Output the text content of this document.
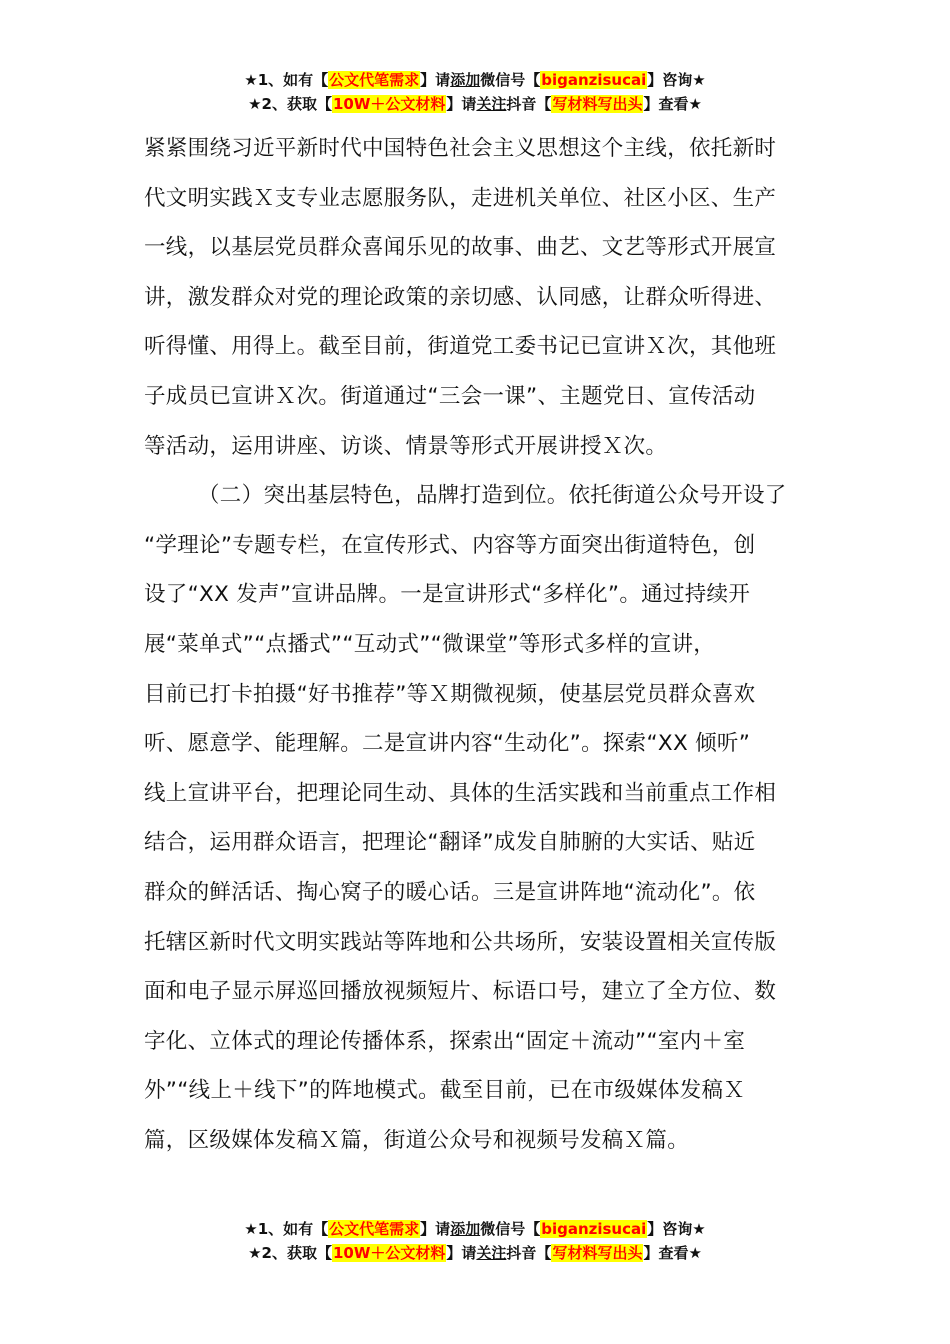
★1、如有【公文代笔需求】请添加微信号【biganzisucai】咨询★
★2、获取【10W＋公文材料】请关注抖音【写材料写出头】查看★

紧紧围绕习近平新时代中国特色社会主义思想这个主线，依托新时
代文明实践Ｘ支专业志愿服务队，走进机关单位、社区小区、生产
一线，以基层党员群众喜闻乐见的故事、曲艺、文艺等形式开展宣
讲，激发群众对党的理论政策的亲切感、认同感，让群众听得进、
听得懂、用得上。截至目前，街道党工委书记已宣讲Ｘ次，其他班
子成员已宣讲Ｘ次。街道通过“三会一课”、主题党日、宣传活动
等活动，运用讲座、访谈、情景等形式开展讲授Ｘ次。

（二）突出基层特色，品牌打造到位。依托街道公众号开设了
“学理论”专题专栏，在宣传形式、内容等方面突出街道特色，创
设了“XX 发声”宣讲品牌。一是宣讲形式“多样化”。通过持续开
展“菜单式”“点播式”“互动式”“微课堂”等形式多样的宣讲，
目前已打卡拍摄“好书推荐”等Ｘ期微视频，使基层党员群众喜欢
听、愿意学、能理解。二是宣讲内容“生动化”。探索“XX 倾听”
线上宣讲平台，把理论同生动、具体的生活实践和当前重点工作相
结合，运用群众语言，把理论“翻译”成发自肺腑的大实话、贴近
群众的鲜活话、掏心窝子的暖心话。三是宣讲阵地“流动化”。依
托辖区新时代文明实践站等阵地和公共场所，安装设置相关宣传版
面和电子显示屏巡回播放视频短片、标语口号，建立了全方位、数
字化、立体式的理论传播体系，探索出“固定＋流动”“室内＋室
外”“线上＋线下”的阵地模式。截至目前，已在市级媒体发稿Ｘ
篇，区级媒体发稿Ｘ篇，街道公众号和视频号发稿Ｘ篇。

★1、如有【公文代笔需求】请添加微信号【biganzisucai】咨询★
★2、获取【10W＋公文材料】请关注抖音【写材料写出头】查看★
